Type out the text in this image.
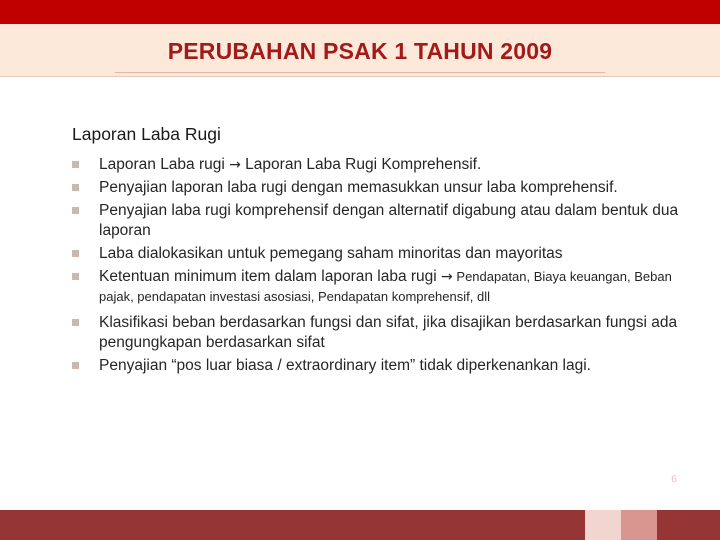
PERUBAHAN PSAK 1 TAHUN 2009
Laporan Laba Rugi
Laporan Laba rugi → Laporan Laba Rugi Komprehensif.
Penyajian laporan laba rugi dengan memasukkan unsur laba komprehensif.
Penyajian laba rugi komprehensif dengan alternatif digabung atau dalam bentuk dua laporan
Laba dialokasikan untuk pemegang saham minoritas dan mayoritas
Ketentuan minimum item dalam laporan laba rugi → Pendapatan, Biaya keuangan, Beban pajak, pendapatan investasi asosiasi, Pendapatan komprehensif, dll
Klasifikasi beban berdasarkan fungsi dan sifat, jika disajikan berdasarkan fungsi ada pengungkapan berdasarkan sifat
Penyajian “pos luar biasa / extraordinary item” tidak diperkenankan lagi.
6
